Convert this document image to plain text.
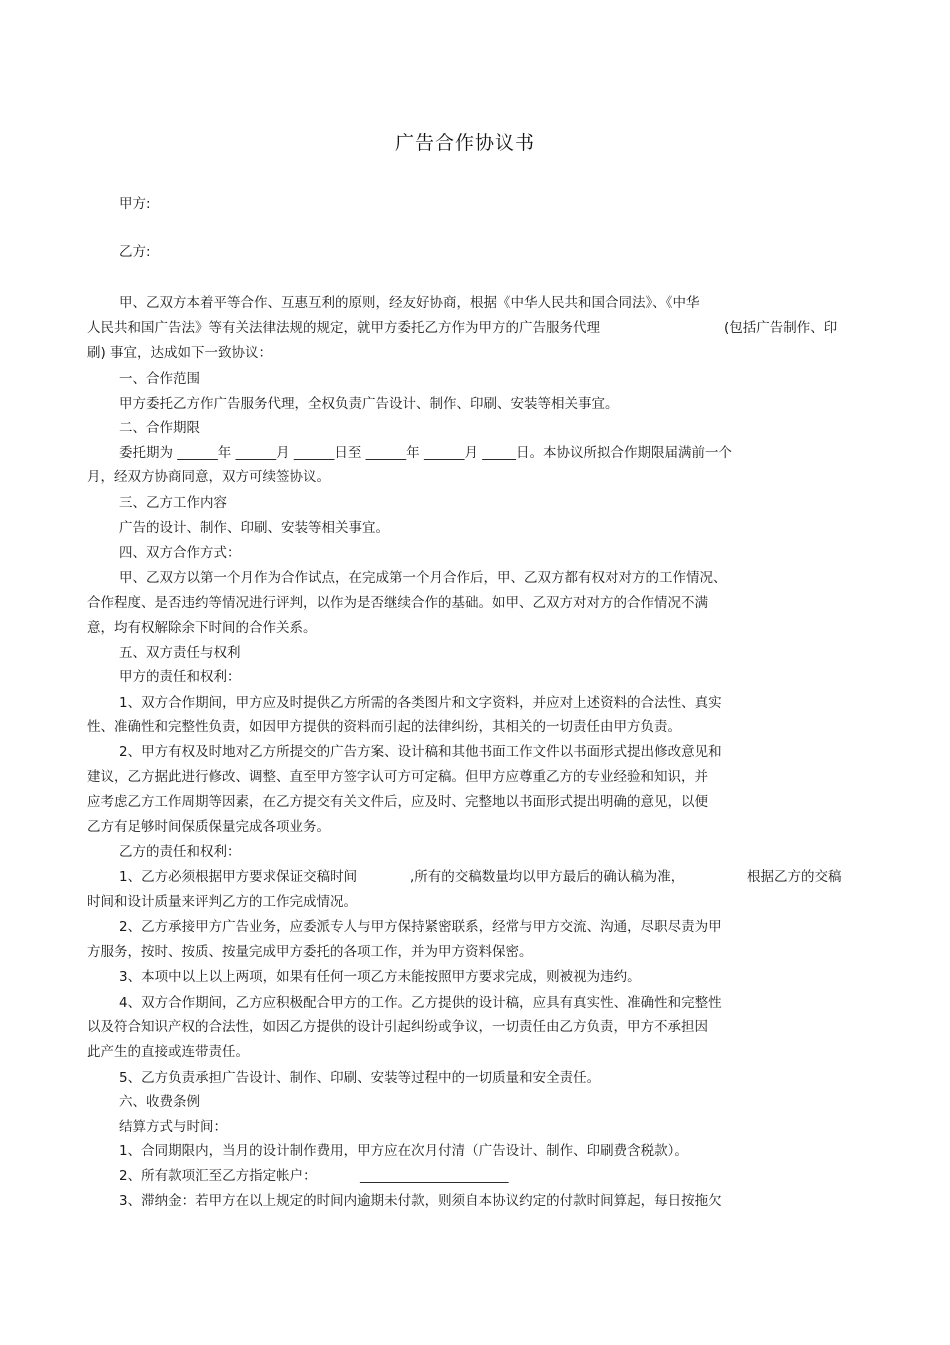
广告合作协议书
甲方:
乙方:
甲、乙双方本着平等合作、互惠互利的原则，经友好协商，根据《中华人民共和国合同法》、《中华
人民共和国广告法》等有关法律法规的规定，就甲方委托乙方作为甲方的广告服务代理	(包括广告制作、印
刷) 事宜，达成如下一致协议：
一、合作范围
甲方委托乙方作广告服务代理，全权负责广告设计、制作、印刷、安装等相关事宜。
二、合作期限
委托期为 ______年 ______月 ______日至 ______年 ______月 _____日。本协议所拟合作期限届满前一个
月，经双方协商同意，双方可续签协议。
三、乙方工作内容
广告的设计、制作、印刷、安装等相关事宜。
四、双方合作方式：
甲、乙双方以第一个月作为合作试点，在完成第一个月合作后，甲、乙双方都有权对对方的工作情况、
合作程度、是否违约等情况进行评判，以作为是否继续合作的基础。如甲、乙双方对对方的合作情况不满
意，均有权解除余下时间的合作关系。
五、双方责任与权利
甲方的责任和权利：
1、双方合作期间，甲方应及时提供乙方所需的各类图片和文字资料，并应对上述资料的合法性、真实
性、准确性和完整性负责，如因甲方提供的资料而引起的法律纠纷，其相关的一切责任由甲方负责。
2、甲方有权及时地对乙方所提交的广告方案、设计稿和其他书面工作文件以书面形式提出修改意见和
建议，乙方据此进行修改、调整、直至甲方签字认可方可定稿。但甲方应尊重乙方的专业经验和知识，并
应考虑乙方工作周期等因素，在乙方提交有关文件后，应及时、完整地以书面形式提出明确的意见，以便
乙方有足够时间保质保量完成各项业务。
乙方的责任和权利：
1、乙方必须根据甲方要求保证交稿时间	,所有的交稿数量均以甲方最后的确认稿为准，	根据乙方的交稿
时间和设计质量来评判乙方的工作完成情况。
2、乙方承接甲方广告业务，应委派专人与甲方保持紧密联系，经常与甲方交流、沟通，尽职尽责为甲
方服务，按时、按质、按量完成甲方委托的各项工作，并为甲方资料保密。
3、本项中以上以上两项，如果有任何一项乙方未能按照甲方要求完成，则被视为违约。
4、双方合作期间，乙方应积极配合甲方的工作。乙方提供的设计稿，应具有真实性、准确性和完整性
以及符合知识产权的合法性，如因乙方提供的设计引起纠纷或争议，一切责任由乙方负责，甲方不承担因
此产生的直接或连带责任。
5、乙方负责承担广告设计、制作、印刷、安装等过程中的一切质量和安全责任。
六、收费条例
结算方式与时间：
1、合同期限内，当月的设计制作费用，甲方应在次月付清（广告设计、制作、印刷费含税款）。
2、所有款项汇至乙方指定帐户：	______________________
3、滞纳金：若甲方在以上规定的时间内逾期未付款，则须自本协议约定的付款时间算起，每日按拖欠
